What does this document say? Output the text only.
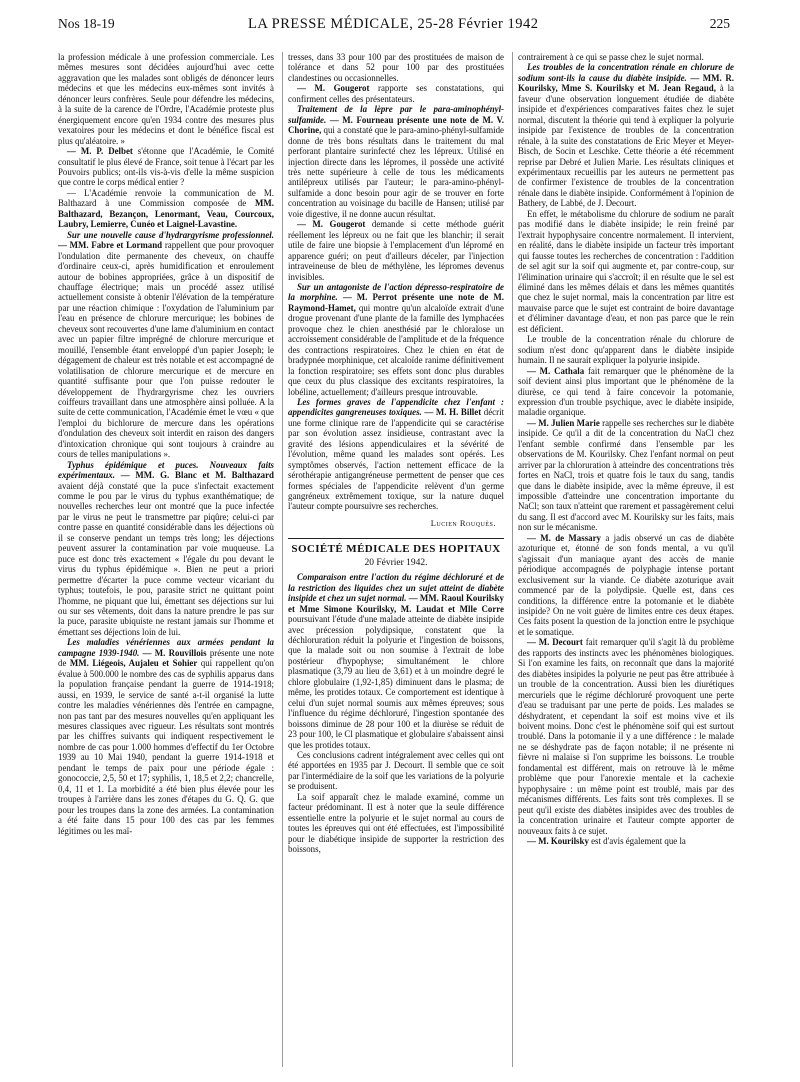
Nos 18-19	LA PRESSE MÉDICALE, 25-28 Février 1942	225

la profession médicale à une profession commerciale. Les mêmes mesures sont décidées aujourd'hui avec cette aggravation que les malades sont obligés de dénoncer leurs médecins et que les médecins eux-mêmes sont invités à dénoncer leurs confrères. Seule pour défendre les médecins, à la suite de la carence de l'Ordre, l'Académie proteste plus énergiquement encore qu'en 1934 contre des mesures plus vexatoires pour les médecins et dont le bénéfice fiscal est plus qu'aléatoire. »

— M. P. Delbet s'étonne que l'Académie, le Comité consultatif le plus élevé de France, soit tenue à l'écart par les Pouvoirs publics; ont-ils vis-à-vis d'elle la même suspicion que contre le corps médical entier ?

— L'Académie renvoie la communication de M. Balthazard à une Commission composée de MM. Balthazard, Bezançon, Lenormant, Veau, Courcoux, Laubry, Lemierre, Cunéo et Laignel-Lavastine.

Sur une nouvelle cause d'hydrargyrisme professionnel. — MM. Fabre et Lormand rappellent que pour provoquer l'ondulation dite permanente des cheveux, on chauffe d'ordinaire ceux-ci, après humidification et enroulement autour de bobines appropriées, grâce à un dispositif de chauffage électrique; mais un procédé assez utilisé actuellement consiste à obtenir l'élévation de la température par une réaction chimique : l'oxydation de l'aluminium par l'eau en présence de chlorure mercurique; les bobines de cheveux sont recouvertes d'une lame d'aluminium en contact avec un papier filtre imprégné de chlorure mercurique et mouillé, l'ensemble étant enveloppé d'un papier Joseph; le dégagement de chaleur est très notable et est accompagné de volatilisation de chlorure mercurique et de mercure en quantité suffisante pour que l'on puisse redouter le développement de l'hydrargyrisme chez les ouvriers coiffeurs travaillant dans une atmosphère ainsi polluée. A la suite de cette communication, l'Académie émet le vœu « que l'emploi du bichlorure de mercure dans les opérations d'ondulation des cheveux soit interdit en raison des dangers d'intoxication chronique qui sont toujours à craindre au cours de telles manipulations ».

Typhus épidémique et puces. Nouveaux faits expérimentaux. — MM. G. Blanc et M. Balthazard avaient déjà constaté que la puce s'infectait exactement comme le pou par le virus du typhus exanthématique; de nouvelles recherches leur ont montré que la puce infectée par le virus ne peut le transmettre par piqûre; celui-ci par contre passe en quantité considérable dans les déjections où il se conserve pendant un temps très long; les déjections peuvent assurer la contamination par voie muqueuse. La puce est donc très exactement « l'égale du pou devant le virus du typhus épidémique ». Bien ne peut a priori permettre d'écarter la puce comme vecteur vicariant du typhus; toutefois, le pou, parasite strict ne quittant point l'homme, ne piquant que lui, émettant ses déjections sur lui ou sur ses vêtements, doit dans la nature prendre le pas sur la puce, parasite ubiquiste ne restant jamais sur l'homme et émettant ses déjections loin de lui.

Les maladies vénériennes aux armées pendant la campagne 1939-1940. — M. Rouvillois présente une note de MM. Liégeois, Aujaleu et Sohier qui rappellent qu'on évalue à 500.000 le nombre des cas de syphilis apparus dans la population française pendant la guerre de 1914-1918; aussi, en 1939, le service de santé a-t-il organisé la lutte contre les maladies vénériennes dès l'entrée en campagne, non pas tant par des mesures nouvelles qu'en appliquant les mesures classiques avec rigueur. Les résultats sont montrés par les chiffres suivants qui indiquent respectivement le nombre de cas pour 1.000 hommes d'effectif du 1er Octobre 1939 au 10 Mai 1940, pendant la guerre 1914-1918 et pendant le temps de paix pour une période égale : gonococcie, 2,5, 50 et 17; syphilis, 1, 18,5 et 2,2; chancrelle, 0,4, 11 et 1. La morbidité a été bien plus élevée pour les troupes à l'arrière dans les zones d'étapes du G. Q. G. que pour les troupes dans la zone des armées. La contamination a été faite dans 15 pour 100 des cas par les femmes légitimes ou les maî-

tresses, dans 33 pour 100 par des prostituées de maison de tolérance et dans 52 pour 100 par des prostituées clandestines ou occasionnelles.

— M. Gougerot rapporte ses constatations, qui confirment celles des présentateurs.

Traitement de la lèpre par le para-aminophényl-sulfamide. — M. Fourneau présente une note de M. V. Chorine, qui a constaté que le para-amino-phényl-sulfamide donne de très bons résultats dans le traitement du mal perforant plantaire surinfecté chez les lépreux. Utilisé en injection directe dans les lépromes, il possède une activité très nette supérieure à celle de tous les médicaments antilépreux utilisés par l'auteur; le para-amino-phényl-sulfamide a donc besoin pour agir de se trouver en forte concentration au voisinage du bacille de Hansen; utilisé par voie digestive, il ne donne aucun résultat.

— M. Gougerot demande si cette méthode guérit réellement les lépreux ou ne fait que les blanchir; il serait utile de faire une biopsie à l'emplacement d'un lépromé en apparence guéri; on peut d'ailleurs déceler, par l'injection intraveineuse de bleu de méthylène, les lépromes devenus invisibles.

Sur un antagoniste de l'action dépresso-respiratoire de la morphine. — M. Perrot présente une note de M. Raymond-Hamet, qui montre qu'un alcaloïde extrait d'une drogue provenant d'une plante de la famille des lymphacées provoque chez le chien anesthésié par le chloralose un accroissement considérable de l'amplitude et de la fréquence des contractions respiratoires. Chez le chien en état de bradypnée morphinique, cet alcaloïde ranime définitivement la fonction respiratoire; ses effets sont donc plus durables que ceux du plus classique des excitants respiratoires, la lobéline, actuellement; d'ailleurs presque introuvable.

Les formes graves de l'appendicite chez l'enfant : appendicites gangreneuses toxiques. — M. H. Billet décrit une forme clinique rare de l'appendicite qui se caractérise par son évolution assez insidieuse, contrastant avec la gravité des lésions appendiculaires et la sévérité de l'évolution, même quand les malades sont opérés. Les symptômes observés, l'action nettement efficace de la sérothérapie antigangréneuse permettent de penser que ces formes spéciales de l'appendicite relèvent d'un germe gangréneux extrêmement toxique, sur la nature duquel l'auteur compte poursuivre ses recherches.

Lucien Rouquès.
SOCIÉTÉ MÉDICALE DES HOPITAUX
20 Février 1942.

Comparaison entre l'action du régime déchloruré et de la restriction des liquides chez un sujet atteint de diabète insipide et chez un sujet normal. — MM. Raoul Kourilsky et Mme Simone Kourilsky, M. Laudat et Mlle Corre poursuivant l'étude d'une malade atteinte de diabète insipide avec précession polydipsique, constatent que la déchloruration réduit la polyurie et l'ingestion de boissons, que la malade soit ou non soumise à l'extrait de lobe postérieur d'hypophyse; simultanément le chlore plasmatique (3,79 au lieu de 3,61) et à un moindre degré le chlore globulaire (1,92-1,85) diminuent dans le plasma; de même, les protides totaux. Ce comportement est identique à celui d'un sujet normal soumis aux mêmes épreuves; sous l'influence du régime déchloruré, l'ingestion spontanée des boissons diminue de 28 pour 100 et la diurèse se réduit de 23 pour 100, le Cl plasmatique et globulaire s'abaissent ainsi que les protides totaux.

Ces conclusions cadrent intégralement avec celles qui ont été apportées en 1935 par J. Decourt. Il semble que ce soit par l'intermédiaire de la soif que les variations de la polyurie se produisent.

La soif apparaît chez le malade examiné, comme un facteur prédominant. Il est à noter que la seule différence essentielle entre la polyurie et le sujet normal au cours de toutes les épreuves qui ont été effectuées, est l'impossibilité pour le diabétique insipide de supporter la restriction des boissons,

contrairement à ce qui se passe chez le sujet normal.

Les troubles de la concentration rénale en chlorure de sodium sont-ils la cause du diabète insipide. — MM. R. Kourilsky, Mme S. Kourilsky et M. Jean Regaud, à la faveur d'une observation longuement étudiée de diabète insipide et d'expériences comparatives faites chez le sujet normal, discutent la théorie qui tend à expliquer la polyurie insipide par l'existence de troubles de la concentration rénale, à la suite des constatations de Eric Meyer et Meyer-Bisch, de Socin et Leschke. Cette théorie a été récemment reprise par Debré et Julien Marie. Les résultats cliniques et expérimentaux recueillis par les auteurs ne permettent pas de confirmer l'existence de troubles de la concentration rénale dans le diabète insipide. Conformément à l'opinion de Bathery, de Labbé, de J. Decourt.

En effet, le métabolisme du chlorure de sodium ne paraît pas modifié dans le diabète insipide; le rein freiné par l'extrait hypophysaire concentre normalement. Il intervient, en réalité, dans le diabète insipide un facteur très important qui fausse toutes les recherches de concentration : l'addition de sel agit sur la soif qui augmente et, par contre-coup, sur l'élimination urinaire qui s'accroît; il en résulte que le sel est éliminé dans les mêmes délais et dans les mêmes quantités que chez le sujet normal, mais la concentration par litre est mauvaise parce que le sujet est contraint de boire davantage et d'éliminer davantage d'eau, et non pas parce que le rein est déficient.

Le trouble de la concentration rénale du chlorure de sodium n'est donc qu'apparent dans le diabète insipide humain. Il ne saurait expliquer la polyurie insipide.

— M. Cathala fait remarquer que le phénomène de la soif devient ainsi plus important que le phénomène de la diurèse, ce qui tend à faire concevoir la potomanie, expression d'un trouble psychique, avec le diabète insipide, maladie organique.

— M. Julien Marie rappelle ses recherches sur le diabète insipide. Ce qu'il a dit de la concentration du NaCl chez l'enfant semble confirmé dans l'ensemble par les observations de M. Kourilsky. Chez l'enfant normal on peut arriver par la chloruration à atteindre des concentrations très fortes en NaCl, trois et quatre fois le taux du sang, tandis que dans le diabète insipide, avec la même épreuve, il est impossible d'atteindre une concentration importante du NaCl; son taux n'atteint que rarement et passagèrement celui du sang. Il est d'accord avec M. Kourilsky sur les faits, mais non sur le mécanisme.

— M. de Massary a jadis observé un cas de diabète azoturique et, étonné de son fonds mental, a vu qu'il s'agissait d'un maniaque ayant des accès de manie périodique accompagnés de polyphagie intense portant exclusivement sur la viande. Ce diabète azoturique avait commencé par de la polydipsie. Quelle est, dans ces conditions, la différence entre la potomanie et le diabète insipide? On ne voit guère de limites entre ces deux étapes. Ces faits posent la question de la jonction entre le psychique et le somatique.

— M. Decourt fait remarquer qu'il s'agit là du problème des rapports des instincts avec les phénomènes biologiques. Si l'on examine les faits, on reconnaît que dans la majorité des diabètes insipides la polyurie ne peut pas être attribuée à un trouble de la concentration. Aussi bien les diurétiques mercuriels que le régime déchloruré provoquent une perte d'eau se traduisant par une perte de poids. Les malades se déshydratent, et cependant la soif est moins vive et ils boivent moins. Donc c'est le phénomène soif qui est surtout troublé. Dans la potomanie il y a une différence : le malade ne se déshydrate pas de façon notable; il ne présente ni fièvre ni malaise si l'on supprime les boissons. Le trouble fondamental est différent, mais on retrouve là le même problème que pour l'anorexie mentale et la cachexie hypophysaire : un même point est troublé, mais par des mécanismes différents. Les faits sont très complexes. Il se peut qu'il existe des diabètes insipides avec des troubles de la concentration urinaire et l'auteur compte apporter de nouveaux faits à ce sujet.

— M. Kourilsky est d'avis également que la
